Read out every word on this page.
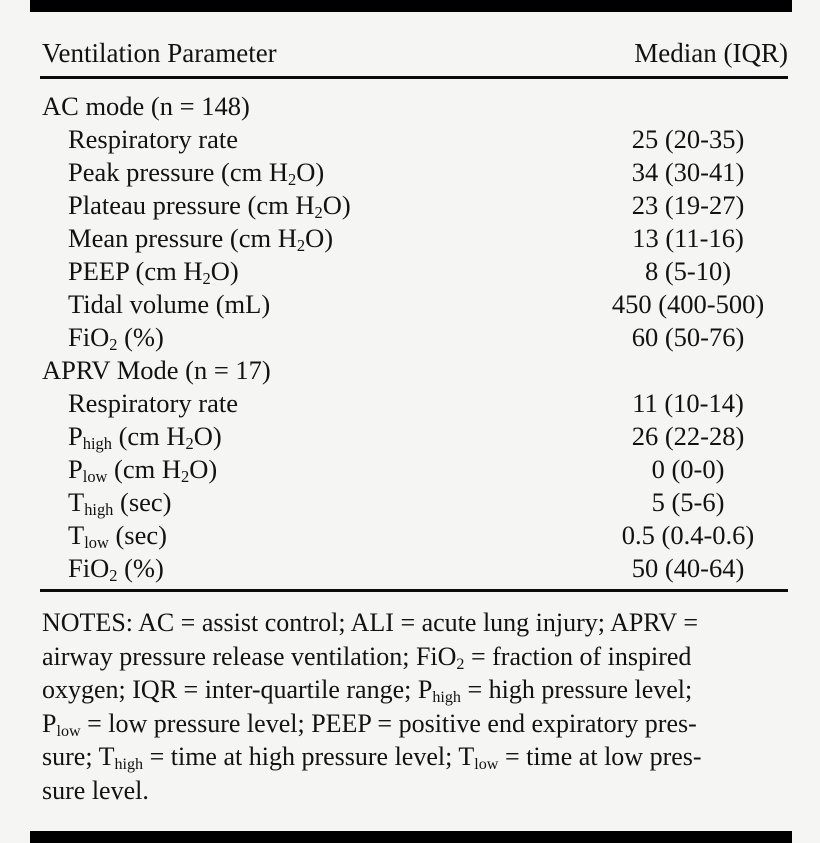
Ventilation Parameter	Median (IQR)
AC mode (n = 148)
Respiratory rate	25 (20-35)
Peak pressure (cm $H_2O$)	34 (30-41)
Plateau pressure (cm $H_2O$)	23 (19-27)
Mean pressure (cm $H_2O$)	13 (11-16)
PEEP (cm $H_2O$)	8 (5-10)
Tidal volume (mL)	450 (400-500)
FiO$_2$ (%)	60 (50-76)
APRV Mode (n = 17)
Respiratory rate	11 (10-14)
$P_{high}$ (cm $H_2O$)	26 (22-28)
$P_{low}$ (cm $H_2O$)	0 (0-0)
$T_{high}$ (sec)	5 (5-6)
$T_{low}$ (sec)	0.5 (0.4-0.6)
FiO$_2$ (%)	50 (40-64)
NOTES: AC = assist control; ALI = acute lung injury; APRV =
airway pressure release ventilation; FiO$_2$ = fraction of inspired
oxygen; IQR = inter-quartile range; $P_{high}$ = high pressure level;
$P_{low}$ = low pressure level; PEEP = positive end expiratory pres-
sure; $T_{high}$ = time at high pressure level; $T_{low}$ = time at low pres-
sure level.
